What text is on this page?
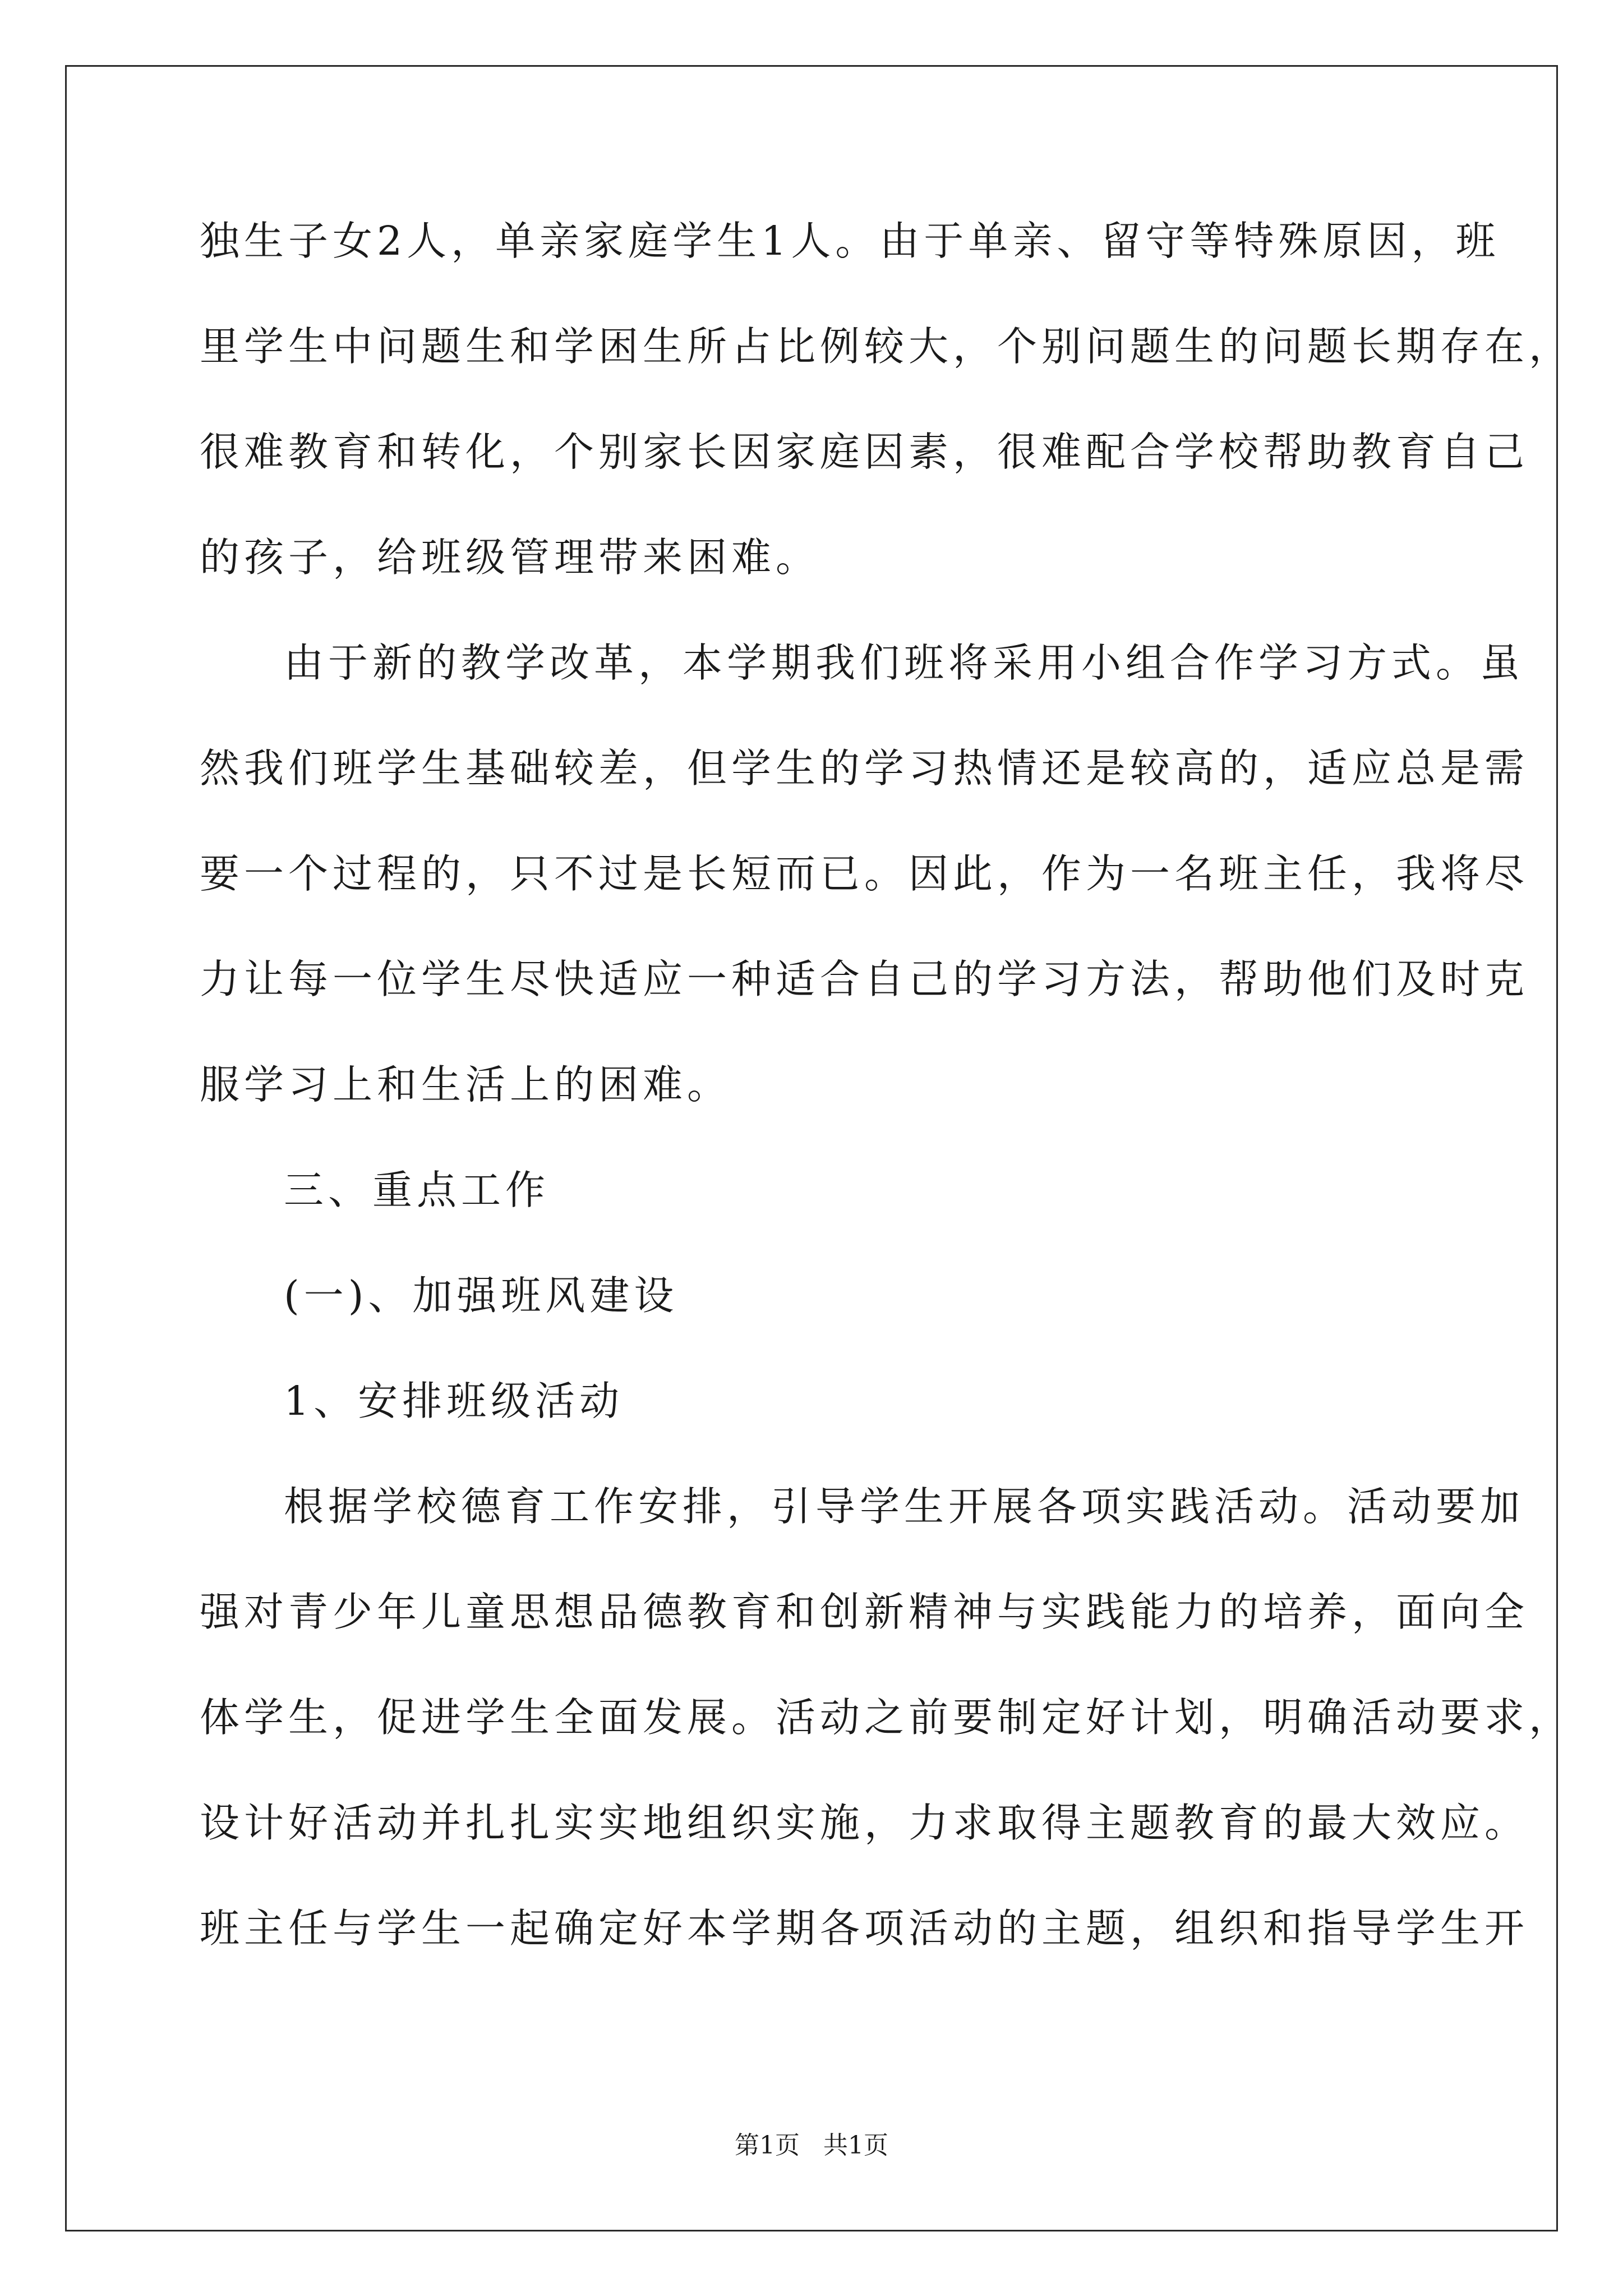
独生子女2人，单亲家庭学生1人。由于单亲、留守等特殊原因，班
里学生中问题生和学困生所占比例较大，个别问题生的问题长期存在，
很难教育和转化，个别家长因家庭因素，很难配合学校帮助教育自己
的孩子，给班级管理带来困难。
由于新的教学改革，本学期我们班将采用小组合作学习方式。虽
然我们班学生基础较差，但学生的学习热情还是较高的，适应总是需
要一个过程的，只不过是长短而已。因此，作为一名班主任，我将尽
力让每一位学生尽快适应一种适合自己的学习方法，帮助他们及时克
服学习上和生活上的困难。
三、重点工作
(一)、加强班风建设
1、安排班级活动
根据学校德育工作安排，引导学生开展各项实践活动。活动要加
强对青少年儿童思想品德教育和创新精神与实践能力的培养，面向全
体学生，促进学生全面发展。活动之前要制定好计划，明确活动要求，
设计好活动并扎扎实实地组织实施，力求取得主题教育的最大效应。
班主任与学生一起确定好本学期各项活动的主题，组织和指导学生开
第1页 共1页
